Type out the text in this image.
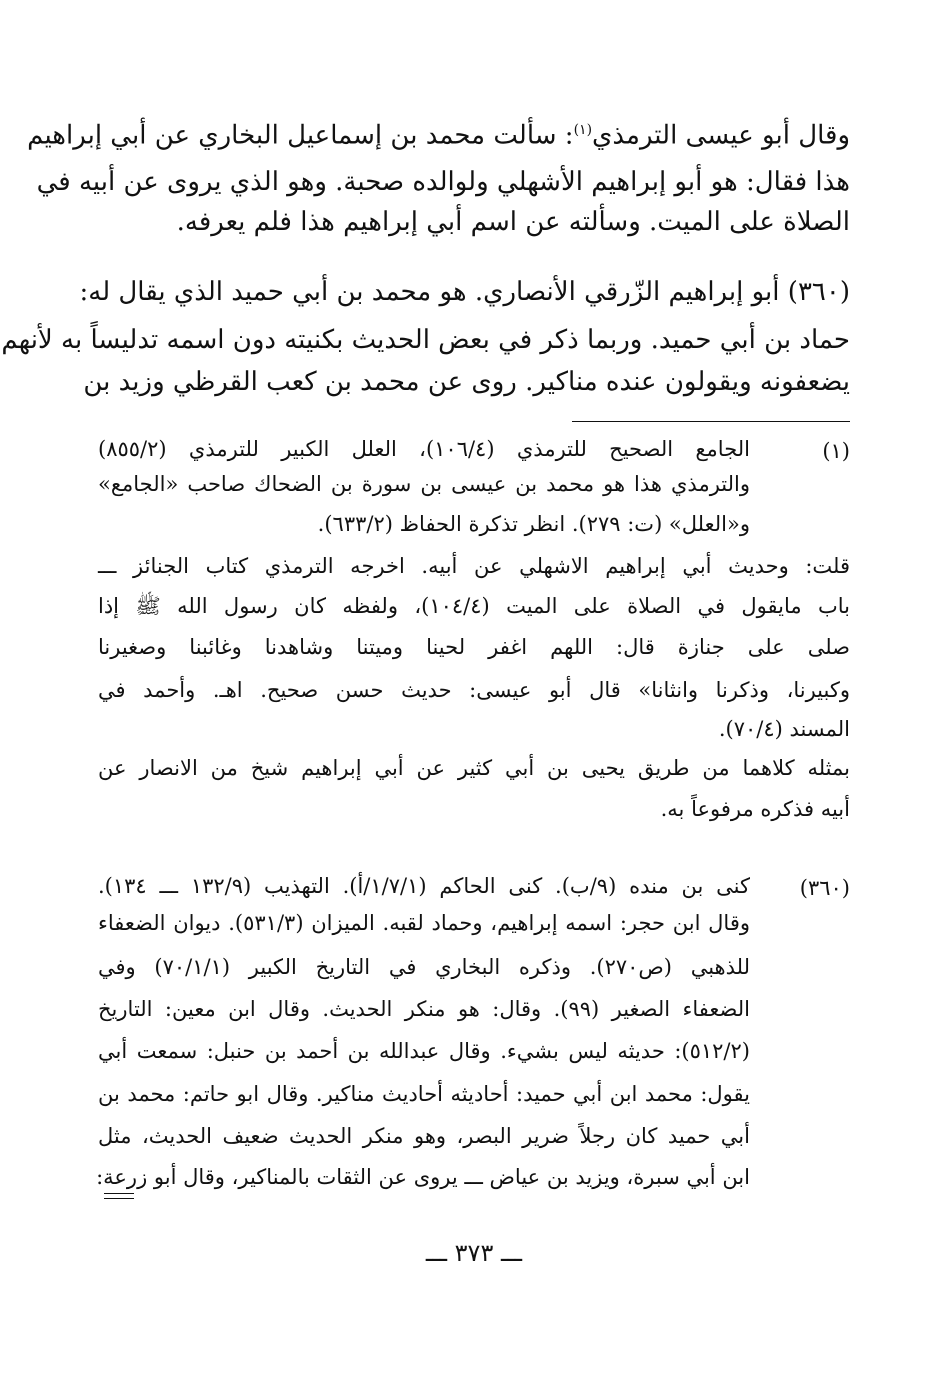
وقال أبو عيسى الترمذي$^{(١)}$: سألت محمد بن إسماعيل البخاري عن أبي إبراهيم
هذا فقال: هو أبو إبراهيم الأشهلي ولوالده صحبة. وهو الذي يروى عن أبيه في
الصلاة على الميت. وسألته عن اسم أبي إبراهيم هذا فلم يعرفه.
(٣٦٠) أبو إبراهيم الزّرقي الأنصاري. هو محمد بن أبي حميد الذي يقال له:
حماد بن أبي حميد. وربما ذكر في بعض الحديث بكنيته دون اسمه تدليساً به لأنهم
يضعفونه ويقولون عنده مناكير. روى عن محمد بن كعب القرظي وزيد بن
(١)
الجامع الصحيح للترمذي (١٠٦/٤)، العلل الكبير للترمذي (٨٥٥/٢)
والترمذي هذا هو محمد بن عيسى بن سورة بن الضحاك صاحب «الجامع»
و«العلل» (ت: ٢٧٩). انظر تذكرة الحفاظ (٦٣٣/٢).
قلت: وحديث أبي إبراهيم الاشهلي عن أبيه. اخرجه الترمذي كتاب الجنائز ـــ
باب مايقول في الصلاة على الميت (١٠٤/٤)، ولفظه كان رسول الله ﷺ إذا
صلى على جنازة قال: اللهم اغفر لحينا وميتنا وشاهدنا وغائبنا وصغيرنا
وكبيرنا، وذكرنا وانثانا» قال أبو عيسى: حديث حسن صحيح. اهـ. وأحمد في
المسند (٧٠/٤).
بمثله كلاهما من طريق يحيى بن أبي كثير عن أبي إبراهيم شيخ من الانصار عن
أبيه فذكره مرفوعاً به.
(٣٦٠)
كنى بن منده (٩/ب). كنى الحاكم (١/٧/١/أ). التهذيب (١٣٢/٩ ـــ ١٣٤).
وقال ابن حجر: اسمه إبراهيم، وحماد لقبه. الميزان (٥٣١/٣). ديوان الضعفاء
للذهبي (ص٢٧٠). وذكره البخاري في التاريخ الكبير (٧٠/١/١) وفي
الضعفاء الصغير (٩٩). وقال: هو منكر الحديث. وقال ابن معين: التاريخ
(٥١٢/٢): حديثه ليس بشيء. وقال عبدالله بن أحمد بن حنبل: سمعت أبي
يقول: محمد ابن أبي حميد: أحاديثه أحاديث مناكير. وقال ابو حاتم: محمد بن
أبي حميد كان رجلاً ضرير البصر، وهو منكر الحديث ضعيف الحديث، مثل
ابن أبي سبرة، ويزيد بن عياض ـــ يروى عن الثقات بالمناكير، وقال أبو زرعة:
ـــ ٣٧٣ ـــ
